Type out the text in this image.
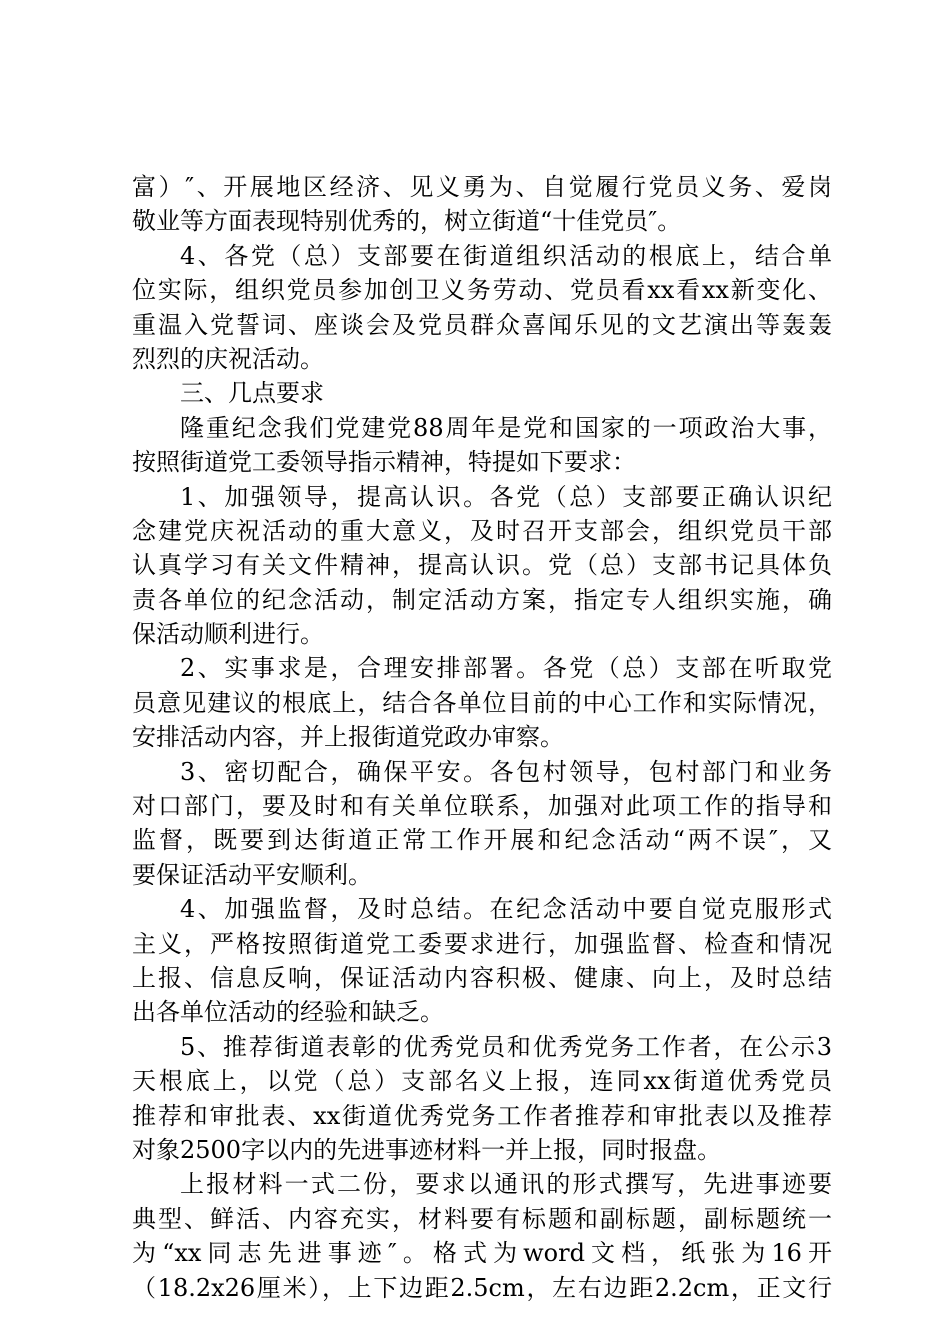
富）″、开展地区经济、见义勇为、自觉履行党员义务、爱岗
敬业等方面表现特别优秀的，树立街道“十佳党员″。
4、各党（总）支部要在街道组织活动的根底上，结合单
位实际，组织党员参加创卫义务劳动、党员看xx看xx新变化、
重温入党誓词、座谈会及党员群众喜闻乐见的文艺演出等轰轰
烈烈的庆祝活动。
三、几点要求
隆重纪念我们党建党88周年是党和国家的一项政治大事，
按照街道党工委领导指示精神，特提如下要求：
1、加强领导，提高认识。各党（总）支部要正确认识纪
念建党庆祝活动的重大意义，及时召开支部会，组织党员干部
认真学习有关文件精神，提高认识。党（总）支部书记具体负
责各单位的纪念活动，制定活动方案，指定专人组织实施，确
保活动顺利进行。
2、实事求是，合理安排部署。各党（总）支部在听取党
员意见建议的根底上，结合各单位目前的中心工作和实际情况，
安排活动内容，并上报街道党政办审察。
3、密切配合，确保平安。各包村领导，包村部门和业务
对口部门，要及时和有关单位联系，加强对此项工作的指导和
监督，既要到达街道正常工作开展和纪念活动“两不误″，又
要保证活动平安顺利。
4、加强监督，及时总结。在纪念活动中要自觉克服形式
主义，严格按照街道党工委要求进行，加强监督、检查和情况
上报、信息反响，保证活动内容积极、健康、向上，及时总结
出各单位活动的经验和缺乏。
5、推荐街道表彰的优秀党员和优秀党务工作者，在公示3
天根底上，以党（总）支部名义上报，连同xx街道优秀党员
推荐和审批表、xx街道优秀党务工作者推荐和审批表以及推荐
对象2500字以内的先进事迹材料一并上报，同时报盘。
上报材料一式二份，要求以通讯的形式撰写，先进事迹要
典型、鲜活、内容充实，材料要有标题和副标题，副标题统一
为“xx同志先进事迹″。格式为word文档，纸张为16开
（18.2x26厘米），上下边距2.5cm，左右边距2.2cm，正文行
